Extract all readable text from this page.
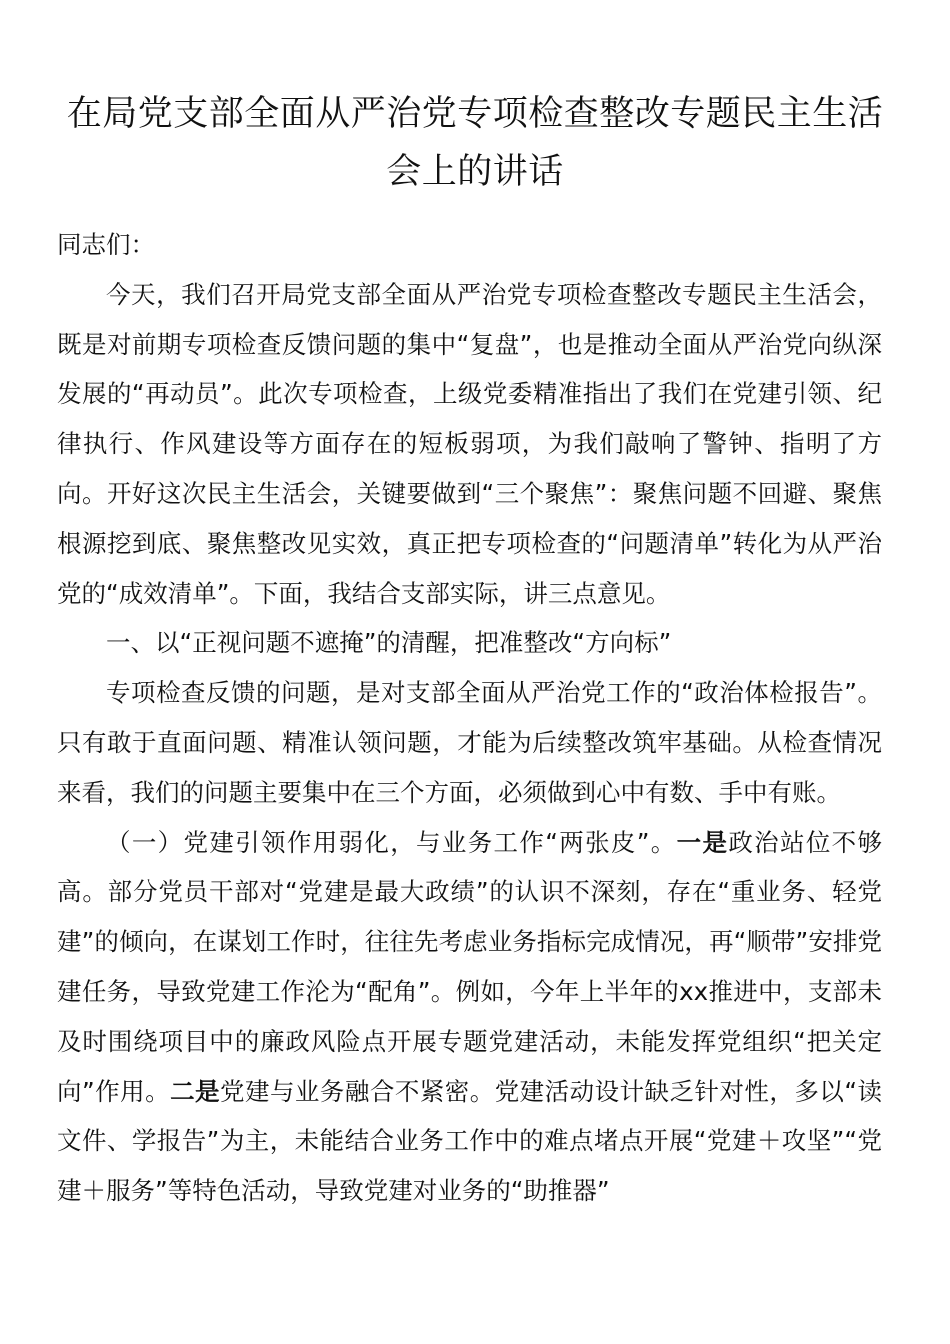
在局党支部全面从严治党专项检查整改专题民主生活
会上的讲话

同志们：

今天，我们召开局党支部全面从严治党专项检查整改专题民主生活会，既是对前期专项检查反馈问题的集中“复盘”，也是推动全面从严治党向纵深发展的“再动员”。此次专项检查，上级党委精准指出了我们在党建引领、纪律执行、作风建设等方面存在的短板弱项，为我们敲响了警钟、指明了方向。开好这次民主生活会，关键要做到“三个聚焦”：聚焦问题不回避、聚焦根源挖到底、聚焦整改见实效，真正把专项检查的“问题清单”转化为从严治党的“成效清单”。下面，我结合支部实际，讲三点意见。

一、以“正视问题不遮掩”的清醒，把准整改“方向标”

专项检查反馈的问题，是对支部全面从严治党工作的“政治体检报告”。只有敢于直面问题、精准认领问题，才能为后续整改筑牢基础。从检查情况来看，我们的问题主要集中在三个方面，必须做到心中有数、手中有账。

（一）党建引领作用弱化，与业务工作“两张皮”。一是政治站位不够高。部分党员干部对“党建是最大政绩”的认识不深刻，存在“重业务、轻党建”的倾向，在谋划工作时，往往先考虑业务指标完成情况，再“顺带”安排党建任务，导致党建工作沦为“配角”。例如，今年上半年的xx推进中，支部未及时围绕项目中的廉政风险点开展专题党建活动，未能发挥党组织“把关定向”作用。二是党建与业务融合不紧密。党建活动设计缺乏针对性，多以“读文件、学报告”为主，未能结合业务工作中的难点堵点开展“党建＋攻坚”“党建＋服务”等特色活动，导致党建对业务的“助推器”
